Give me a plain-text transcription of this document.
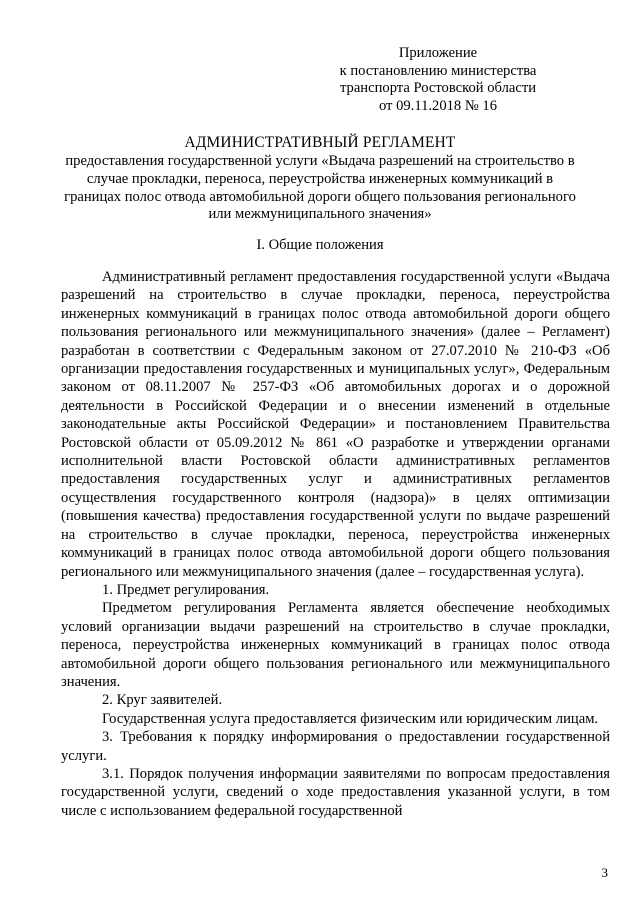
Приложение
к постановлению министерства
транспорта Ростовской области
от 09.11.2018 № 16
АДМИНИСТРАТИВНЫЙ РЕГЛАМЕНТ
предоставления государственной услуги «Выдача разрешений на строительство в случае прокладки, переноса, переустройства инженерных коммуникаций в границах полос отвода автомобильной дороги общего пользования регионального или межмуниципального значения»
I. Общие положения

Административный регламент предоставления государственной услуги «Выдача разрешений на строительство в случае прокладки, переноса, переустройства инженерных коммуникаций в границах полос отвода автомобильной дороги общего пользования регионального или межмуниципального значения» (далее – Регламент) разработан в соответствии с Федеральным законом от 27.07.2010 № 210-ФЗ «Об организации предоставления государственных и муниципальных услуг», Федеральным законом от 08.11.2007 № 257-ФЗ «Об автомобильных дорогах и о дорожной деятельности в Российской Федерации и о внесении изменений в отдельные законодательные акты Российской Федерации» и постановлением Правительства Ростовской области от 05.09.2012 № 861 «О разработке и утверждении органами исполнительной власти Ростовской области административных регламентов предоставления государственных услуг и административных регламентов осуществления государственного контроля (надзора)» в целях оптимизации (повышения качества) предоставления государственной услуги по выдаче разрешений на строительство в случае прокладки, переноса, переустройства инженерных коммуникаций в границах полос отвода автомобильной дороги общего пользования регионального или межмуниципального значения (далее – государственная услуга).

1. Предмет регулирования.

Предметом регулирования Регламента является обеспечение необходимых условий организации выдачи разрешений на строительство в случае прокладки, переноса, переустройства инженерных коммуникаций в границах полос отвода автомобильной дороги общего пользования регионального или межмуниципального значения.

2. Круг заявителей.

Государственная услуга предоставляется физическим или юридическим лицам.

3. Требования к порядку информирования о предоставлении государственной услуги.

3.1. Порядок получения информации заявителями по вопросам предоставления государственной услуги, сведений о ходе предоставления указанной услуги, в том числе с использованием федеральной государственной

3
